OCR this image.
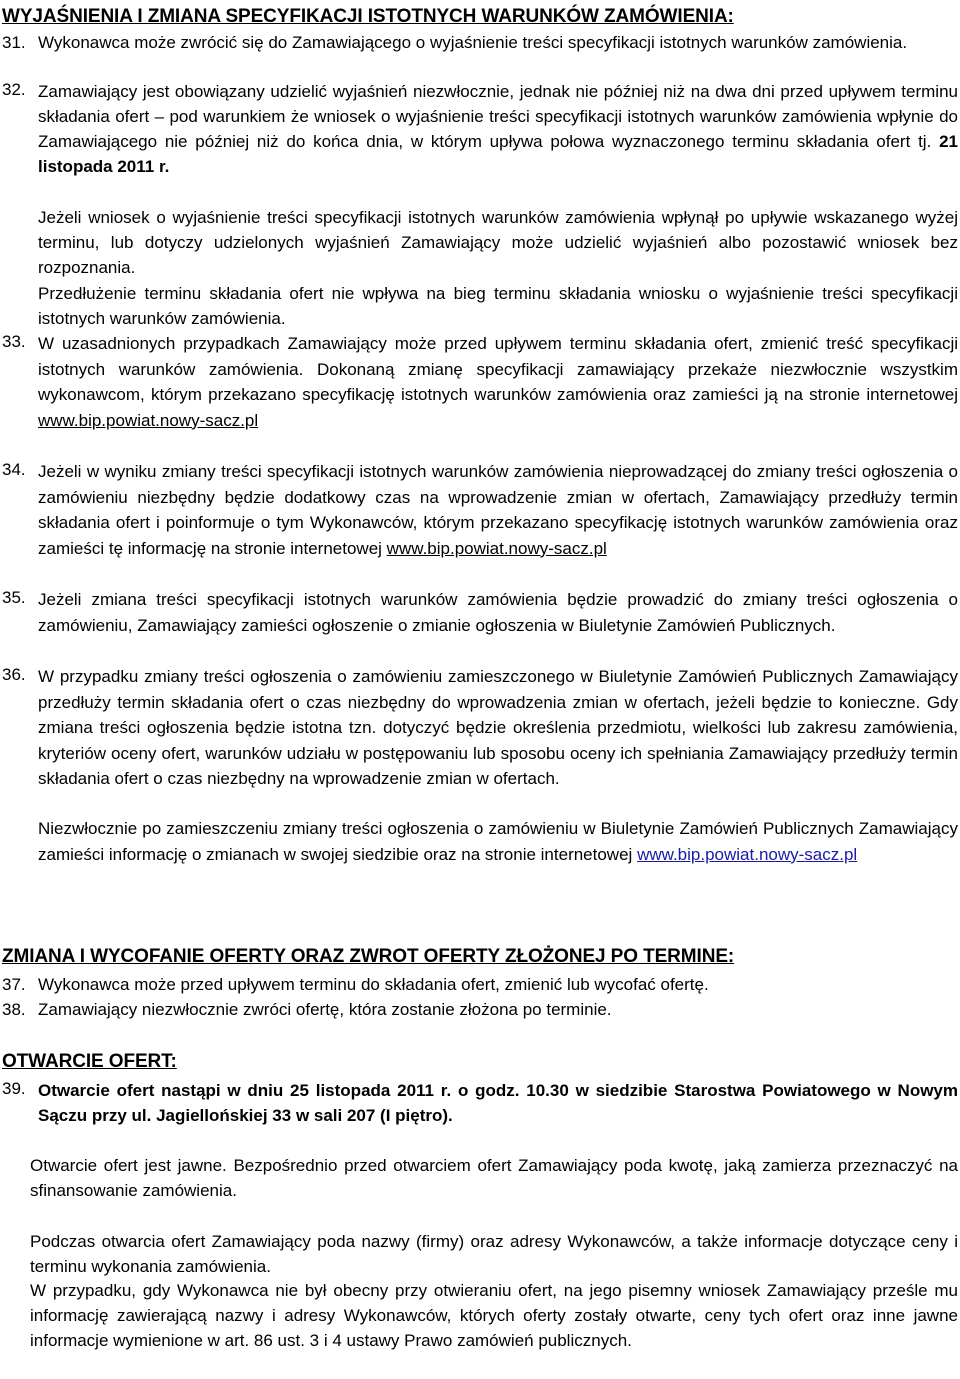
WYJAŚNIENIA I ZMIANA SPECYFIKACJI ISTOTNYCH WARUNKÓW ZAMÓWIENIA:
31. Wykonawca może zwrócić się do Zamawiającego o wyjaśnienie treści specyfikacji istotnych warunków zamówienia.
32. Zamawiający jest obowiązany udzielić wyjaśnień niezwłocznie, jednak nie później niż na dwa dni przed upływem terminu składania ofert – pod warunkiem że wniosek o wyjaśnienie treści specyfikacji istotnych warunków zamówienia wpłynie do Zamawiającego nie później niż do końca dnia, w którym upływa połowa wyznaczonego terminu składania ofert tj. 21 listopada 2011 r.
Jeżeli wniosek o wyjaśnienie treści specyfikacji istotnych warunków zamówienia wpłynął po upływie wskazanego wyżej terminu, lub dotyczy udzielonych wyjaśnień Zamawiający może udzielić wyjaśnień albo pozostawić wniosek bez rozpoznania.
Przedłużenie terminu składania ofert nie wpływa na bieg terminu składania wniosku o wyjaśnienie treści specyfikacji istotnych warunków zamówienia.
33. W uzasadnionych przypadkach Zamawiający może przed upływem terminu składania ofert, zmienić treść specyfikacji istotnych warunków zamówienia. Dokonaną zmianę specyfikacji zamawiający przekaże niezwłocznie wszystkim wykonawcom, którym przekazano specyfikację istotnych warunków zamówienia oraz zamieści ją na stronie internetowej www.bip.powiat.nowy-sacz.pl
34. Jeżeli w wyniku zmiany treści specyfikacji istotnych warunków zamówienia nieprowadzącej do zmiany treści ogłoszenia o zamówieniu niezbędny będzie dodatkowy czas na wprowadzenie zmian w ofertach, Zamawiający przedłuży termin składania ofert i poinformuje o tym Wykonawców, którym przekazano specyfikację istotnych warunków zamówienia oraz zamieści tę informację na stronie internetowej www.bip.powiat.nowy-sacz.pl
35. Jeżeli zmiana treści specyfikacji istotnych warunków zamówienia będzie prowadzić do zmiany treści ogłoszenia o zamówieniu, Zamawiający zamieści ogłoszenie o zmianie ogłoszenia w Biuletynie Zamówień Publicznych.
36. W przypadku zmiany treści ogłoszenia o zamówieniu zamieszczonego w Biuletynie Zamówień Publicznych Zamawiający przedłuży termin składania ofert o czas niezbędny do wprowadzenia zmian w ofertach, jeżeli będzie to konieczne. Gdy zmiana treści ogłoszenia będzie istotna tzn. dotyczyć będzie określenia przedmiotu, wielkości lub zakresu zamówienia, kryteriów oceny ofert, warunków udziału w postępowaniu lub sposobu oceny ich spełniania Zamawiający przedłuży termin składania ofert o czas niezbędny na wprowadzenie zmian w ofertach.
Niezwłocznie po zamieszczeniu zmiany treści ogłoszenia o zamówieniu w Biuletynie Zamówień Publicznych Zamawiający zamieści informację o zmianach w swojej siedzibie oraz na stronie internetowej www.bip.powiat.nowy-sacz.pl
ZMIANA I WYCOFANIE OFERTY ORAZ ZWROT OFERTY ZŁOŻONEJ PO TERMINE:
37. Wykonawca może przed upływem terminu do składania ofert, zmienić lub wycofać ofertę.
38. Zamawiający niezwłocznie zwróci ofertę, która zostanie złożona po terminie.
OTWARCIE OFERT:
39. Otwarcie ofert nastąpi w dniu 25 listopada 2011 r. o godz. 10.30 w siedzibie Starostwa Powiatowego w Nowym Sączu przy ul. Jagiellońskiej 33 w sali 207 (I piętro).
Otwarcie ofert jest jawne. Bezpośrednio przed otwarciem ofert Zamawiający poda kwotę, jaką zamierza przeznaczyć na sfinansowanie zamówienia.
Podczas otwarcia ofert Zamawiający poda nazwy (firmy) oraz adresy Wykonawców, a także informacje dotyczące ceny i terminu wykonania zamówienia.
W przypadku, gdy Wykonawca nie był obecny przy otwieraniu ofert, na jego pisemny wniosek Zamawiający prześle mu informację zawierającą nazwy i adresy Wykonawców, których oferty zostały otwarte, ceny tych ofert oraz inne jawne informacje wymienione w art. 86 ust. 3 i 4 ustawy Prawo zamówień publicznych.
